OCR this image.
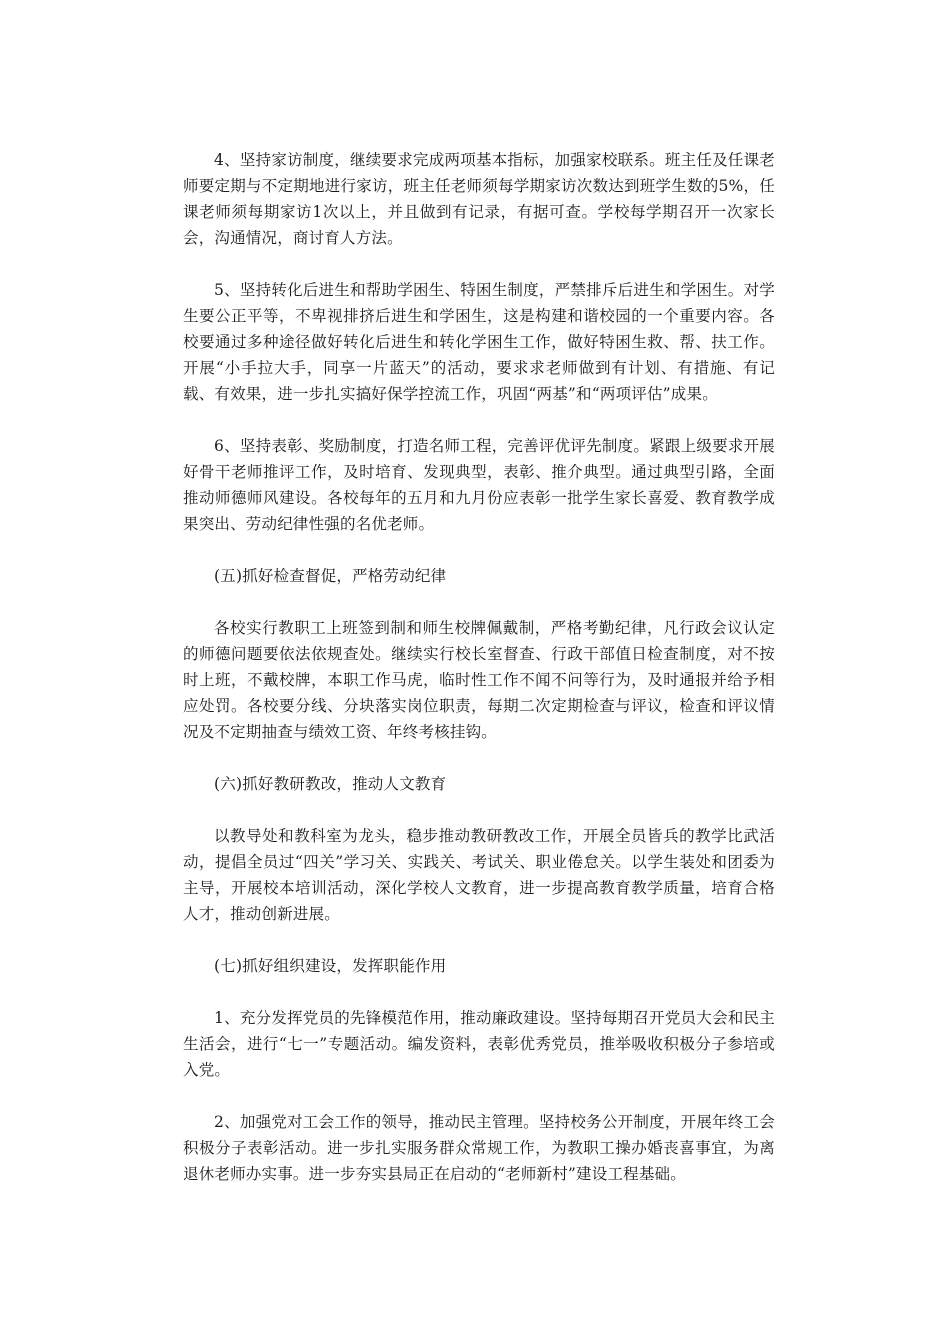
4、坚持家访制度，继续要求完成两项基本指标，加强家校联系。班主任及任课老师要定期与不定期地进行家访，班主任老师须每学期家访次数达到班学生数的5%，任课老师须每期家访1次以上，并且做到有记录，有据可查。学校每学期召开一次家长会，沟通情况，商讨育人方法。

5、坚持转化后进生和帮助学困生、特困生制度，严禁排斥后进生和学困生。对学生要公正平等，不卑视排挤后进生和学困生，这是构建和谐校园的一个重要内容。各校要通过多种途径做好转化后进生和转化学困生工作，做好特困生救、帮、扶工作。开展“小手拉大手，同享一片蓝天”的活动，要求求老师做到有计划、有措施、有记载、有效果，进一步扎实搞好保学控流工作，巩固“两基”和“两项评估”成果。

6、坚持表彰、奖励制度，打造名师工程，完善评优评先制度。紧跟上级要求开展好骨干老师推评工作，及时培育、发现典型，表彰、推介典型。通过典型引路，全面推动师德师风建设。各校每年的五月和九月份应表彰一批学生家长喜爱、教育教学成果突出、劳动纪律性强的名优老师。

(五)抓好检查督促，严格劳动纪律

各校实行教职工上班签到制和师生校牌佩戴制，严格考勤纪律，凡行政会议认定的师德问题要依法依规查处。继续实行校长室督查、行政干部值日检查制度，对不按时上班，不戴校牌，本职工作马虎，临时性工作不闻不问等行为，及时通报并给予相应处罚。各校要分线、分块落实岗位职责，每期二次定期检查与评议，检查和评议情况及不定期抽查与绩效工资、年终考核挂钩。

(六)抓好教研教改，推动人文教育

以教导处和教科室为龙头，稳步推动教研教改工作，开展全员皆兵的教学比武活动，提倡全员过“四关”学习关、实践关、考试关、职业倦怠关。以学生装处和团委为主导，开展校本培训活动，深化学校人文教育，进一步提高教育教学质量，培育合格人才，推动创新进展。

(七)抓好组织建设，发挥职能作用

1、充分发挥党员的先锋模范作用，推动廉政建设。坚持每期召开党员大会和民主生活会，进行“七一”专题活动。编发资料，表彰优秀党员，推举吸收积极分子参培或入党。

2、加强党对工会工作的领导，推动民主管理。坚持校务公开制度，开展年终工会积极分子表彰活动。进一步扎实服务群众常规工作，为教职工操办婚丧喜事宜，为离退休老师办实事。进一步夯实县局正在启动的“老师新村”建设工程基础。
